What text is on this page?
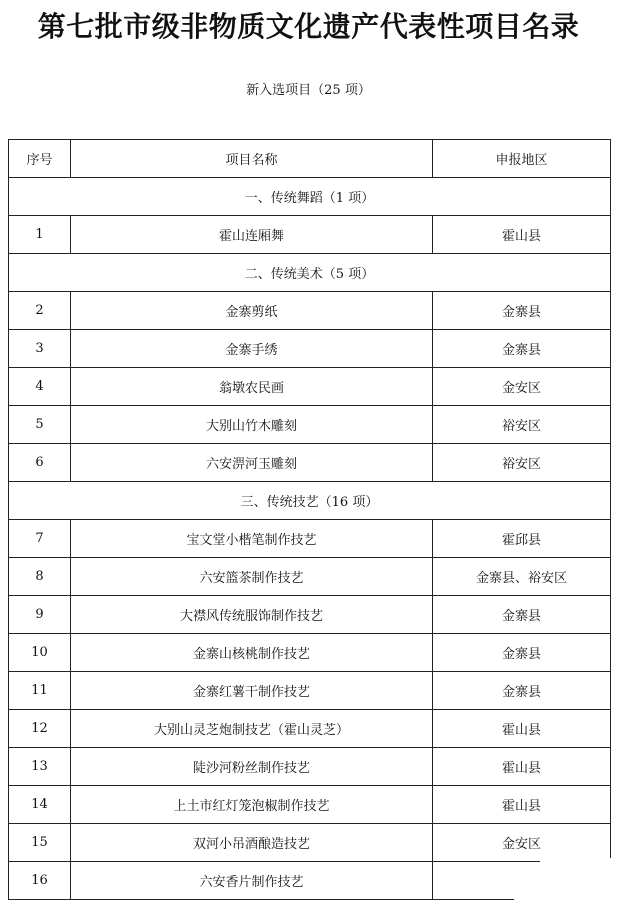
第七批市级非物质文化遗产代表性项目名录

新入选项目（25 项）

序号	项目名称	申报地区
一、传统舞蹈（1 项）		
1	霍山连厢舞	霍山县
二、传统美术（5 项）		
2	金寨剪纸	金寨县
3	金寨手绣	金寨县
4	翁墩农民画	金安区
5	大别山竹木雕刻	裕安区
6	六安淠河玉雕刻	裕安区
三、传统技艺（16 项）		
7	宝文堂小楷笔制作技艺	霍邱县
8	六安篮茶制作技艺	金寨县、裕安区
9	大襟风传统服饰制作技艺	金寨县
10	金寨山核桃制作技艺	金寨县
11	金寨红薯干制作技艺	金寨县
12	大别山灵芝炮制技艺（霍山灵芝）	霍山县
13	陡沙河粉丝制作技艺	霍山县
14	上土市红灯笼泡椒制作技艺	霍山县
15	双河小吊酒酿造技艺	金安区
16	六安香片制作技艺	
